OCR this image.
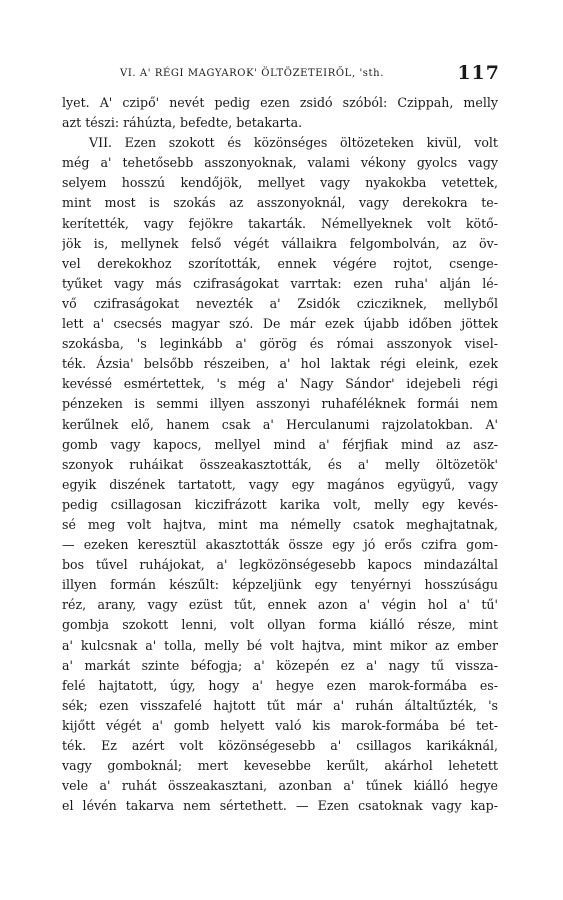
VI. A' RÉGI MAGYAROK' ÖLTÖZETEIRŐL, 'sth.	117
lyet. A' czipő' nevét pedig ezen zsidó szóból: Czippah, melly
azt tészi: ráhúzta, befedte, betakarta.
VII. Ezen szokott és közönséges öltözeteken kivül, volt
még a' tehetősebb asszonyoknak, valami vékony gyolcs vagy
selyem hosszú kendőjök, mellyet vagy nyakokba vetettek,
mint most is szokás az asszonyoknál, vagy derekokra te-
kerítették, vagy fejökre takarták. Némellyeknek volt kötő-
jök is, mellynek felső végét vállaikra felgombolván, az öv-
vel derekokhoz szorították, ennek végére rojtot, csenge-
tyűket vagy más czifraságokat varrtak: ezen ruha' alján lé-
vő czifraságokat nevezték a' Zsidók czicziknek, mellyből
lett a' csecsés magyar szó. De már ezek újabb időben jöttek
szokásba, 's leginkább a' görög és római asszonyok visel-
ték. Ázsia' belsőbb részeiben, a' hol laktak régi eleink, ezek
kevéssé esmértettek, 's még a' Nagy Sándor' idejebeli régi
pénzeken is semmi illyen asszonyi ruhaféléknek formái nem
kerűlnek elő, hanem csak a' Herculanumi rajzolatokban. A'
gomb vagy kapocs, mellyel mind a' férjfiak mind az asz-
szonyok ruháikat összeakasztották, és a' melly öltözetök'
egyik diszének tartatott, vagy egy magános együgyű, vagy
pedig csillagosan kiczifrázott karika volt, melly egy kevés-
sé meg volt hajtva, mint ma némelly csatok meghajtatnak,
— ezeken keresztül akasztották össze egy jó erős czifra gom-
bos tűvel ruhájokat, a' legközönségesebb kapocs mindazáltal
illyen formán készűlt: képzeljünk egy tenyérnyi hosszúságu
réz, arany, vagy ezüst tűt, ennek azon a' végin hol a' tű'
gombja szokott lenni, volt ollyan forma kiálló része, mint
a' kulcsnak a' tolla, melly bé volt hajtva, mint mikor az ember
a' markát szinte béfogja; a' közepén ez a' nagy tű vissza-
felé hajtatott, úgy, hogy a' hegye ezen marok-formába es-
sék; ezen visszafelé hajtott tűt már a' ruhán általtűzték, 's
kijőtt végét a' gomb helyett való kis marok-formába bé tet-
ték. Ez azért volt közönségesebb a' csillagos karikáknál,
vagy gomboknál; mert kevesebbe kerűlt, akárhol lehetett
vele a' ruhát összeakasztani, azonban a' tűnek kiálló hegye
el lévén takarva nem sértethett. — Ezen csatoknak vagy kap-
